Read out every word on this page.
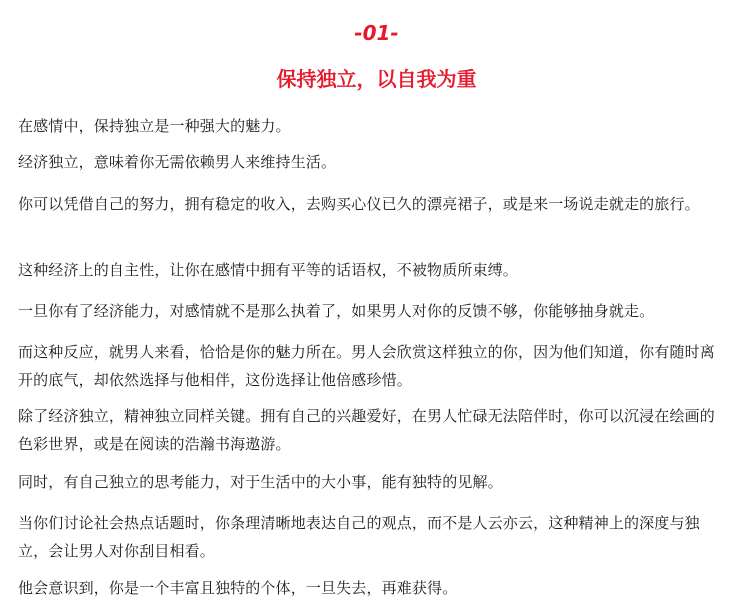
-01-
保持独立，以自我为重

在感情中，保持独立是一种强大的魅力。

经济独立，意味着你无需依赖男人来维持生活。

你可以凭借自己的努力，拥有稳定的收入，去购买心仪已久的漂亮裙子，或是来一场说走就走的旅行。

这种经济上的自主性，让你在感情中拥有平等的话语权，不被物质所束缚。

一旦你有了经济能力，对感情就不是那么执着了，如果男人对你的反馈不够，你能够抽身就走。

而这种反应，就男人来看，恰恰是你的魅力所在。男人会欣赏这样独立的你，因为他们知道，你有随时离开的底气，却依然选择与他相伴，这份选择让他倍感珍惜。

除了经济独立，精神独立同样关键。拥有自己的兴趣爱好，在男人忙碌无法陪伴时，你可以沉浸在绘画的色彩世界，或是在阅读的浩瀚书海遨游。

同时，有自己独立的思考能力，对于生活中的大小事，能有独特的见解。

当你们讨论社会热点话题时，你条理清晰地表达自己的观点，而不是人云亦云，这种精神上的深度与独立，会让男人对你刮目相看。

他会意识到，你是一个丰富且独特的个体，一旦失去，再难获得。
